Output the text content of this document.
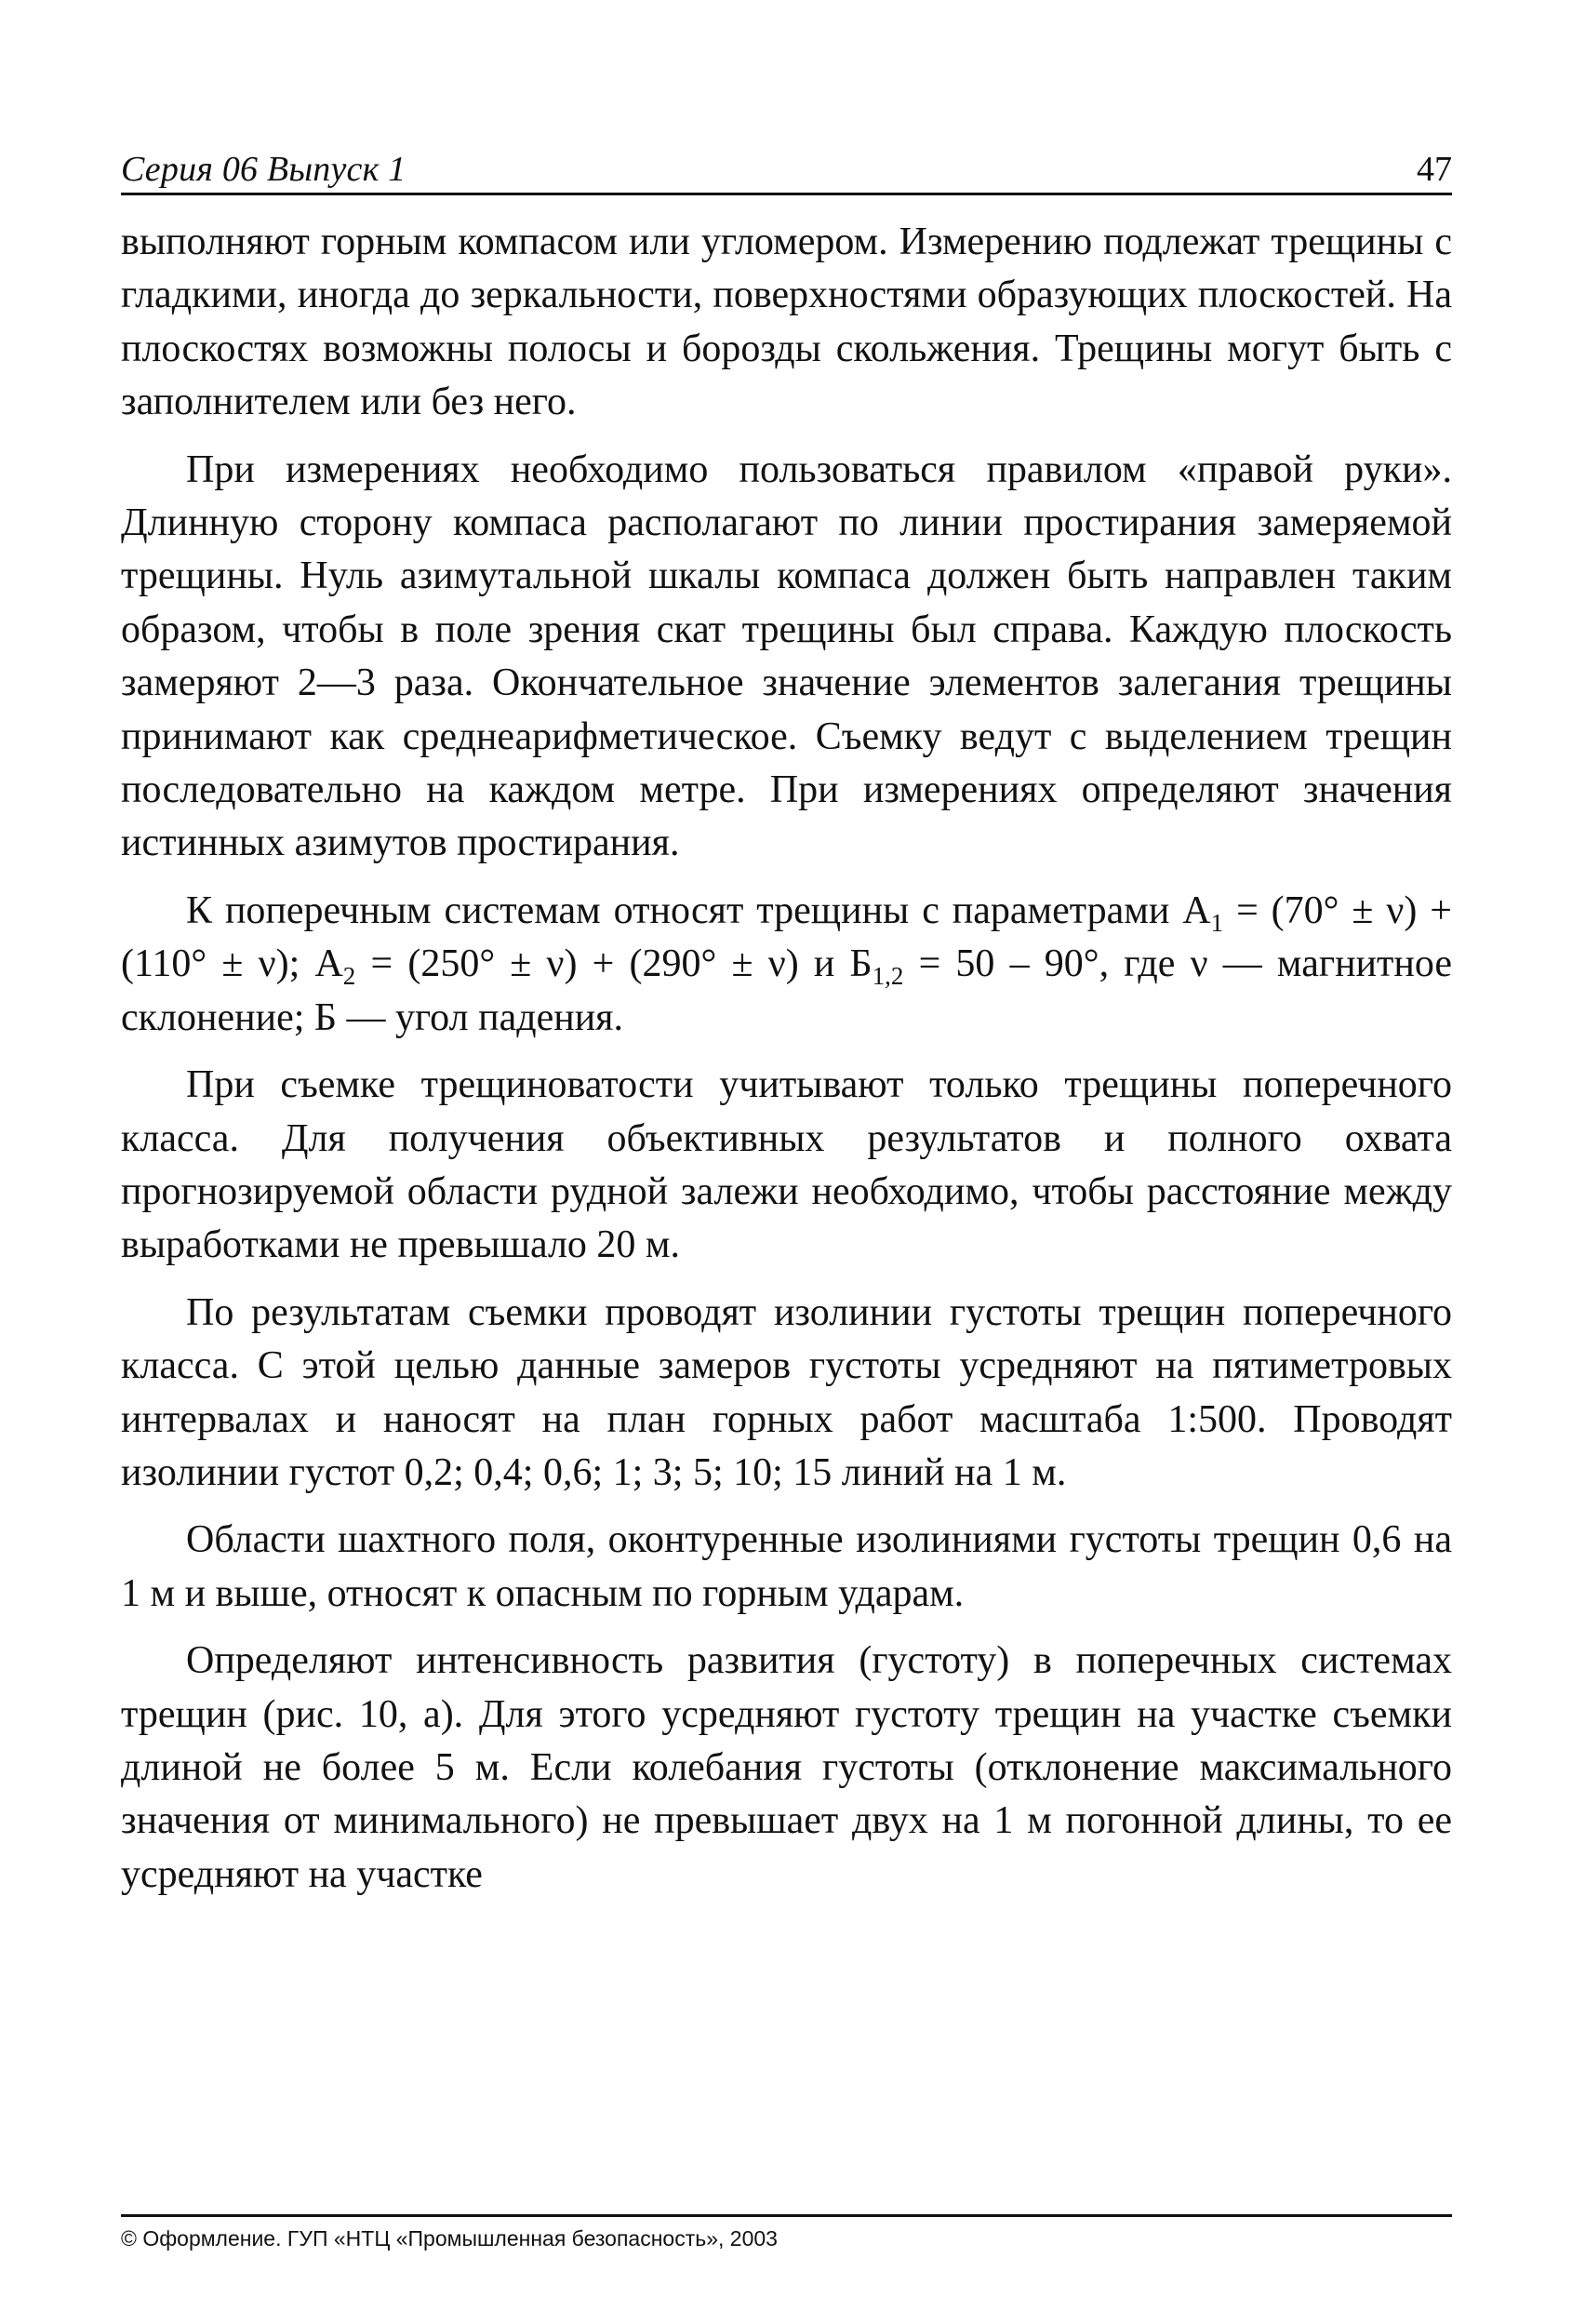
Серия 06 Выпуск 1	47

выполняют горным компасом или угломером. Измерению подлежат трещины с гладкими, иногда до зеркальности, поверхностями образующих плоскостей. На плоскостях возможны полосы и борозды скольжения. Трещины могут быть с заполнителем или без него.

При измерениях необходимо пользоваться правилом «правой руки». Длинную сторону компаса располагают по линии простирания замеряемой трещины. Нуль азимутальной шкалы компаса должен быть направлен таким образом, чтобы в поле зрения скат трещины был справа. Каждую плоскость замеряют 2—3 раза. Окончательное значение элементов залегания трещины принимают как среднеарифметическое. Съемку ведут с выделением трещин последовательно на каждом метре. При измерениях определяют значения истинных азимутов простирания.

К поперечным системам относят трещины с параметрами $А_1 = (70^\circ \pm \nu) + (110^\circ \pm \nu)$; $А_2 = (250^\circ \pm \nu) + (290^\circ \pm \nu)$ и $Б_{1,2} = 50 - 90^\circ$, где ν — магнитное склонение; Б — угол падения.

При съемке трещиноватости учитывают только трещины поперечного класса. Для получения объективных результатов и полного охвата прогнозируемой области рудной залежи необходимо, чтобы расстояние между выработками не превышало 20 м.

По результатам съемки проводят изолинии густоты трещин поперечного класса. С этой целью данные замеров густоты усредняют на пятиметровых интервалах и наносят на план горных работ масштаба 1:500. Проводят изолинии густот 0,2; 0,4; 0,6; 1; 3; 5; 10; 15 линий на 1 м.

Области шахтного поля, оконтуренные изолиниями густоты трещин 0,6 на 1 м и выше, относят к опасным по горным ударам.

Определяют интенсивность развития (густоту) в поперечных системах трещин (рис. 10, а). Для этого усредняют густоту трещин на участке съемки длиной не более 5 м. Если колебания густоты (отклонение максимального значения от минимального) не превышает двух на 1 м погонной длины, то ее усредняют на участке

© Оформление. ГУП «НТЦ «Промышленная безопасность», 2003
